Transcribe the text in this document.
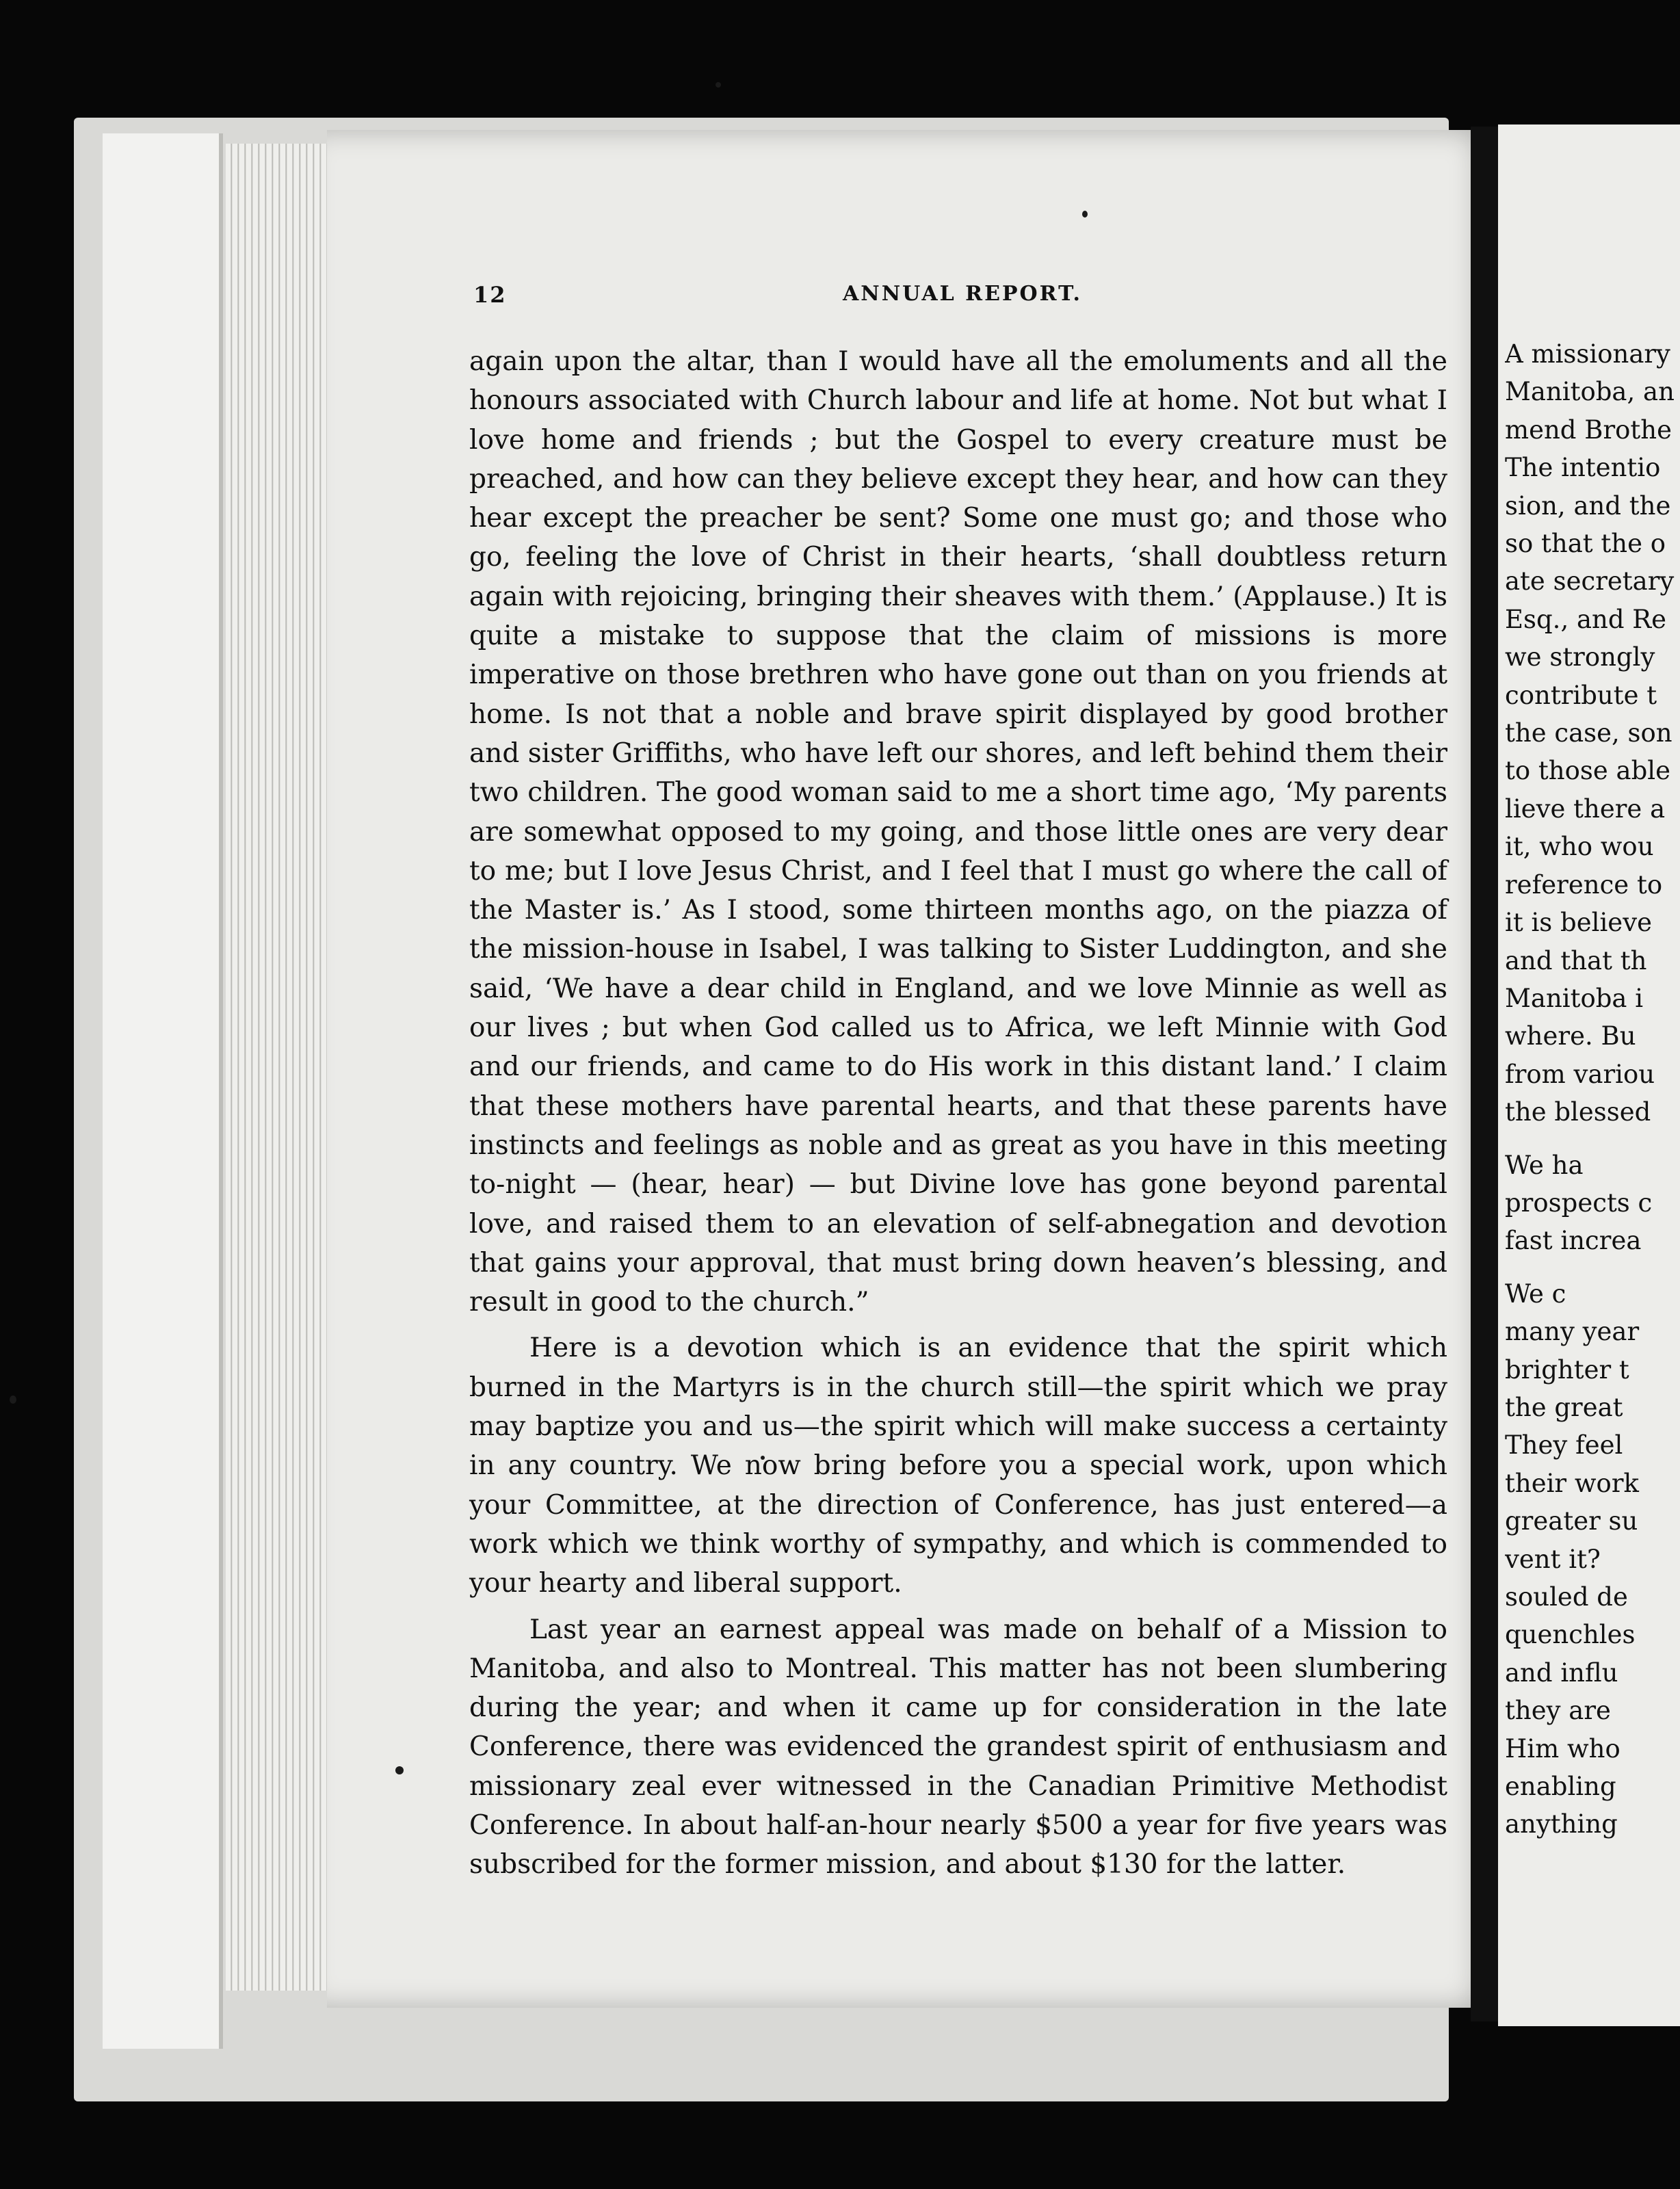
12	ANNUAL REPORT.

again upon the altar, than I would have all the emoluments and all the honours associated with Church labour and life at home. Not but what I love home and friends ; but the Gospel to every creature must be preached, and how can they believe except they hear, and how can they hear except the preacher be sent? Some one must go; and those who go, feeling the love of Christ in their hearts, ‘shall doubtless return again with rejoicing, bringing their sheaves with them.’ (Applause.) It is quite a mistake to suppose that the claim of missions is more imperative on those brethren who have gone out than on you friends at home. Is not that a noble and brave spirit displayed by good brother and sister Griffiths, who have left our shores, and left behind them their two children. The good woman said to me a short time ago, ‘My parents are somewhat opposed to my going, and those little ones are very dear to me; but I love Jesus Christ, and I feel that I must go where the call of the Master is.’ As I stood, some thirteen months ago, on the piazza of the mission-house in Isabel, I was talking to Sister Luddington, and she said, ‘We have a dear child in England, and we love Minnie as well as our lives ; but when God called us to Africa, we left Minnie with God and our friends, and came to do His work in this distant land.’ I claim that these mothers have parental hearts, and that these parents have instincts and feelings as noble and as great as you have in this meeting to-night — (hear, hear) — but Divine love has gone beyond parental love, and raised them to an elevation of self-abnegation and devotion that gains your approval, that must bring down heaven’s blessing, and result in good to the church.”

Here is a devotion which is an evidence that the spirit which burned in the Martyrs is in the church still—the spirit which we pray may baptize you and us—the spirit which will make success a certainty in any country. We now bring before you a special work, upon which your Committee, at the direction of Conference, has just entered—a work which we think worthy of sympathy, and which is commended to your hearty and liberal support.

Last year an earnest appeal was made on behalf of a Mission to Manitoba, and also to Montreal. This matter has not been slumbering during the year; and when it came up for consideration in the late Conference, there was evidenced the grandest spirit of enthusiasm and missionary zeal ever witnessed in the Canadian Primitive Methodist Conference. In about half-an-hour nearly $500 a year for five years was subscribed for the former mission, and about $130 for the latter.

A missionary
Manitoba, an
mend Brothe
The intentio
sion, and the
so that the o
ate secretary
Esq., and Re
we strongly
contribute t
the case, son
to those able
lieve there a
it, who wou
reference to
it is believe
and that th
Manitoba i
where. Bu
from variou
the blessed
We ha
prospects c
fast increa
We c
many year
brighter t
the great
They feel
their work
greater su
vent it?
souled de
quenchles
and influ
they are
Him who
enabling
anything
